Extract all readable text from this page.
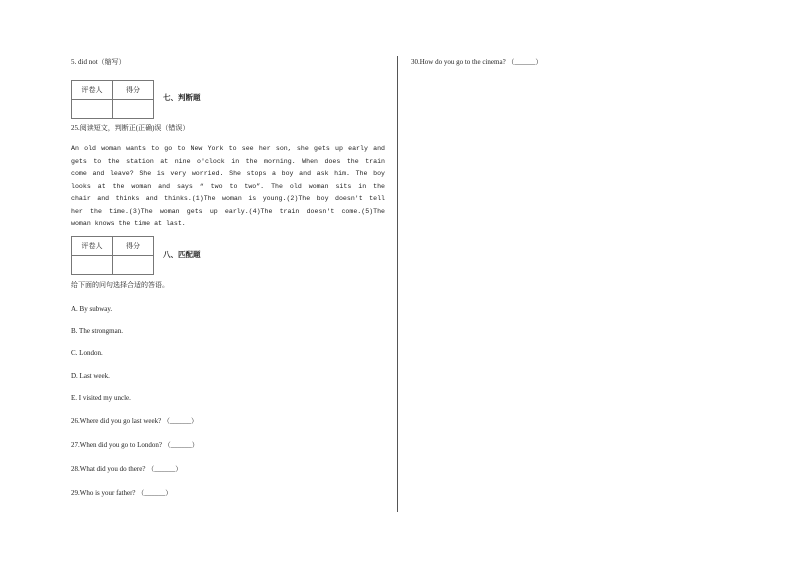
5. did not（缩写）
评卷人	得分

七、判断题
25.阅读短文，判断正(正确)误（错误）
An old woman wants to go to New York to see her son, she gets up early and
gets to the station at nine o'clock in the morning. When does the train
come and leave? She is very worried. She stops a boy and ask him. The boy
looks at the woman and says “ two to two”. The old woman sits in the
chair and thinks and thinks.(1)The woman is young.(2)The boy doesn't tell
her the time.(3)The woman gets up early.(4)The train doesn't come.(5)The
woman knows the time at last.
评卷人	得分

八、匹配题
给下面的问句选择合适的答语。
A. By subway.
B. The strongman.
C. London.
D. Last week.
E. I visited my uncle.
26.Where did you go last week? （______）
27.When did you go to London? （______）
28.What did you do there? （______）
29.Who is your father? （______）
30.How do you go to the cinema? （______）
